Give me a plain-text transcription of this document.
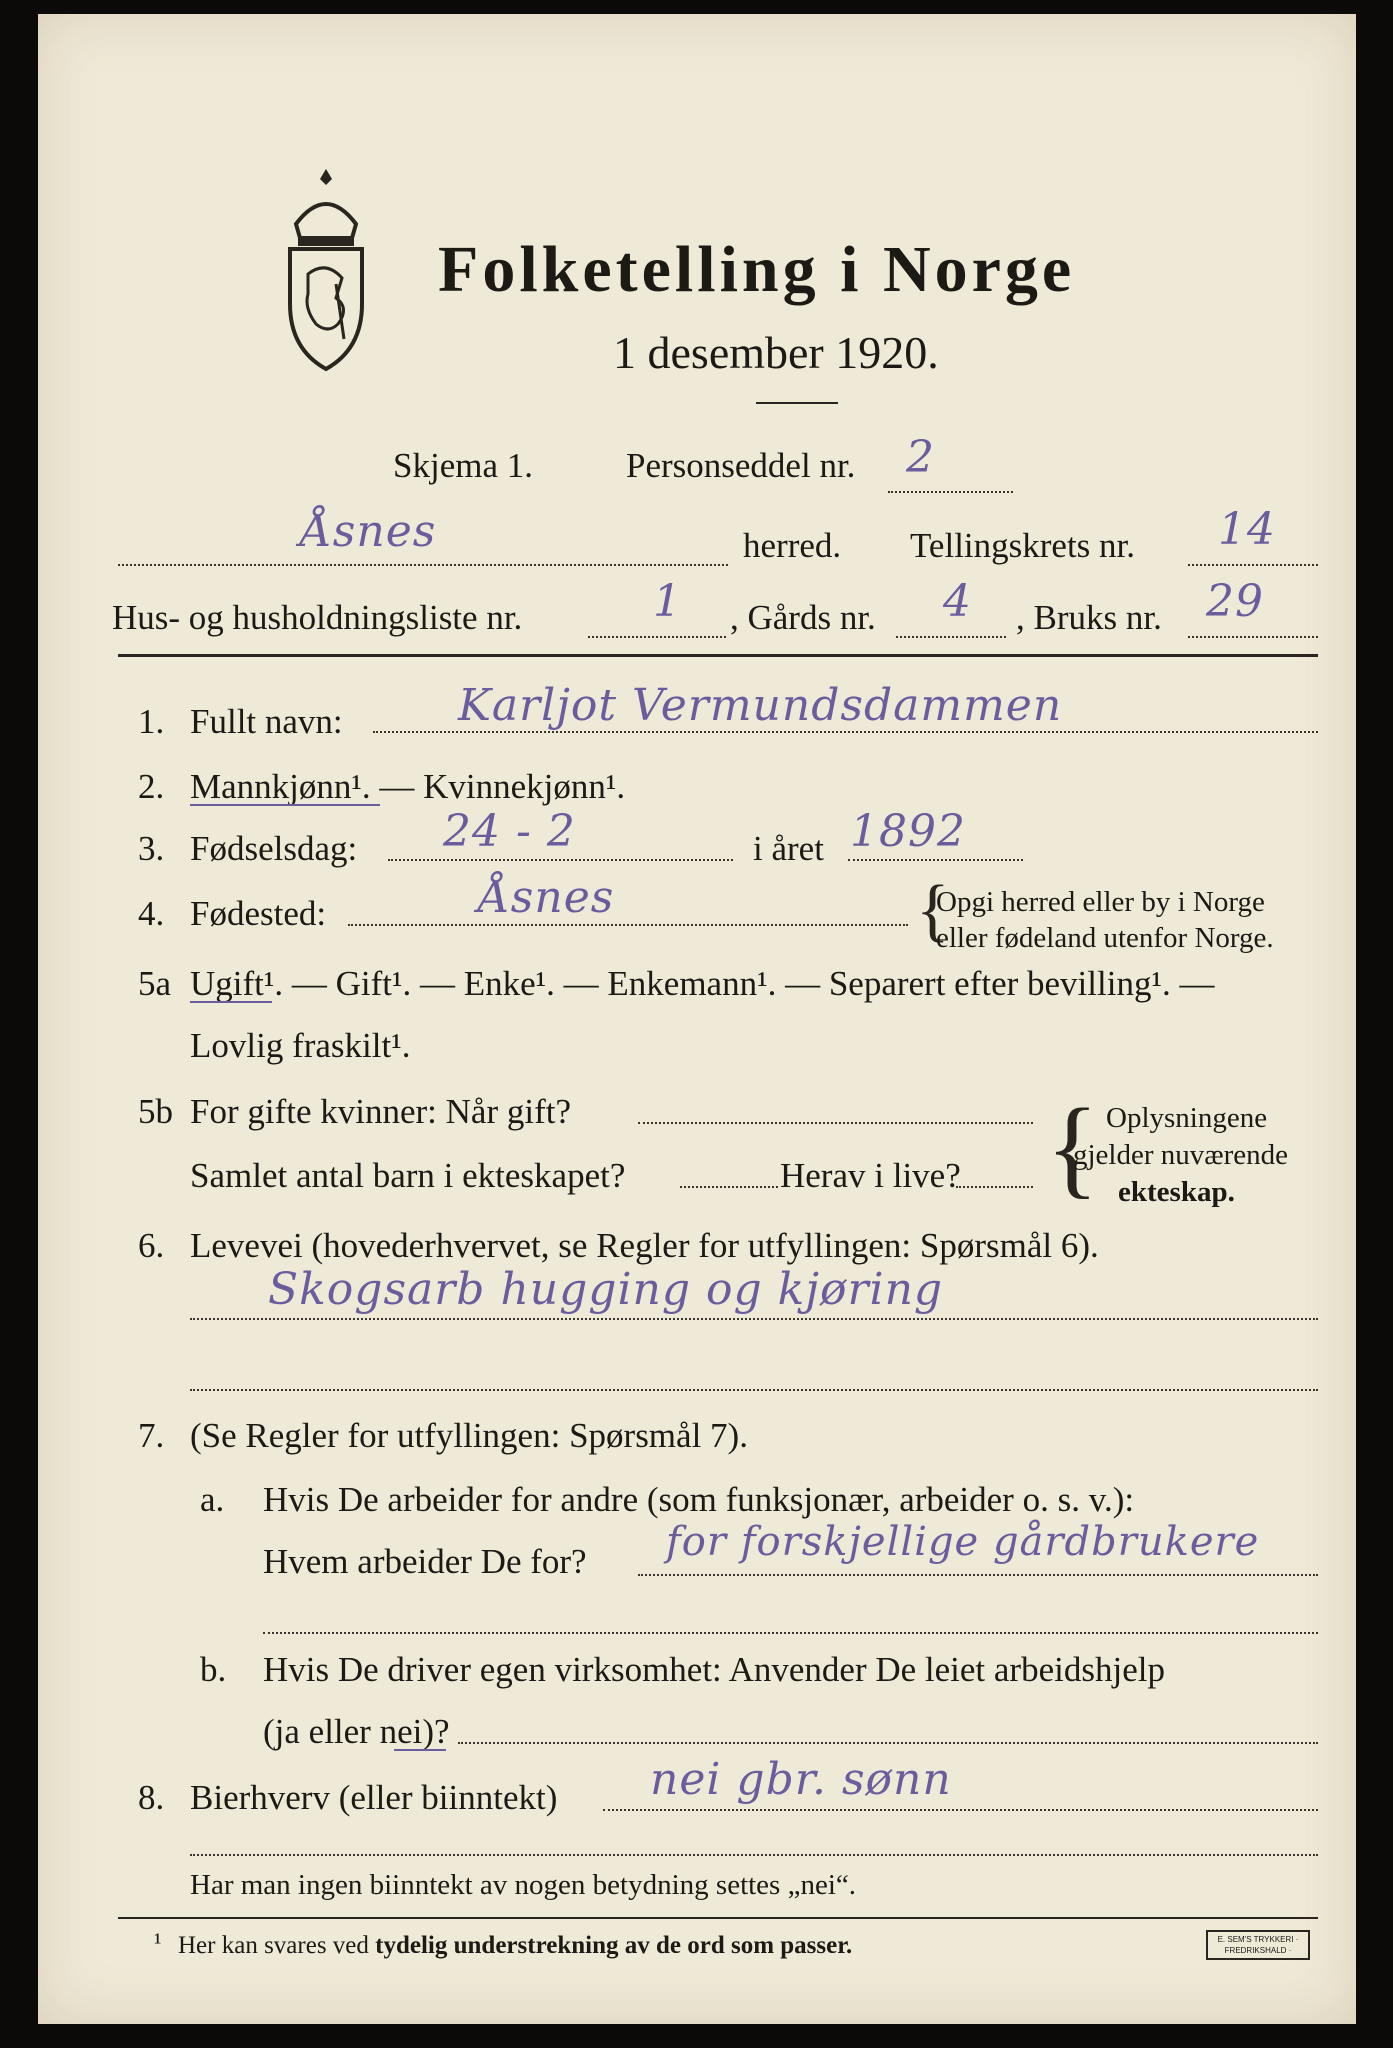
Folketelling i Norge
1 desember 1920.
Skjema 1.	Personseddel nr. 2
Åsnes	herred. Tellingskrets nr. 14
Hus- og husholdningsliste nr.	1 , Gårds nr. 4 , Bruks nr. 29
1. Fullt navn:	Karljot Vermundsdammen
2. Mannkjønn¹. — Kvinnekjønn¹.
3. Fødselsdag: 24 - 2	i året 1892
4. Fødested:	Åsnes	{
Opgi herred eller by i Norge
eller fødeland utenfor Norge.
5a Ugift¹. — Gift¹. — Enke¹. — Enkemann¹. — Separert efter bevilling¹. —
Lovlig fraskilt¹.
5b For gifte kvinner: Når gift?
Samlet antal barn i ekteskapet?	Herav i live? { Oplysningene
gjelder nuværende
ekteskap.
6. Levevei (hovederhvervet, se Regler for utfyllingen: Spørsmål 6).
Skogsarb hugging og kjøring
7. (Se Regler for utfyllingen: Spørsmål 7).
a. Hvis De arbeider for andre (som funksjonær, arbeider o. s. v.):
Hvem arbeider De for? for forskjellige gårdbrukere
b. Hvis De driver egen virksomhet: Anvender De leiet arbeidshjelp
(ja eller nei)?
8. Bierhverv (eller biinntekt) nei gbr. sønn
Har man ingen biinntekt av nogen betydning settes „nei“.
¹ Her kan svares ved tydelig understrekning av de ord som passer.	E. SEM'S TRYKKERI · FREDRIKSHALD ·
